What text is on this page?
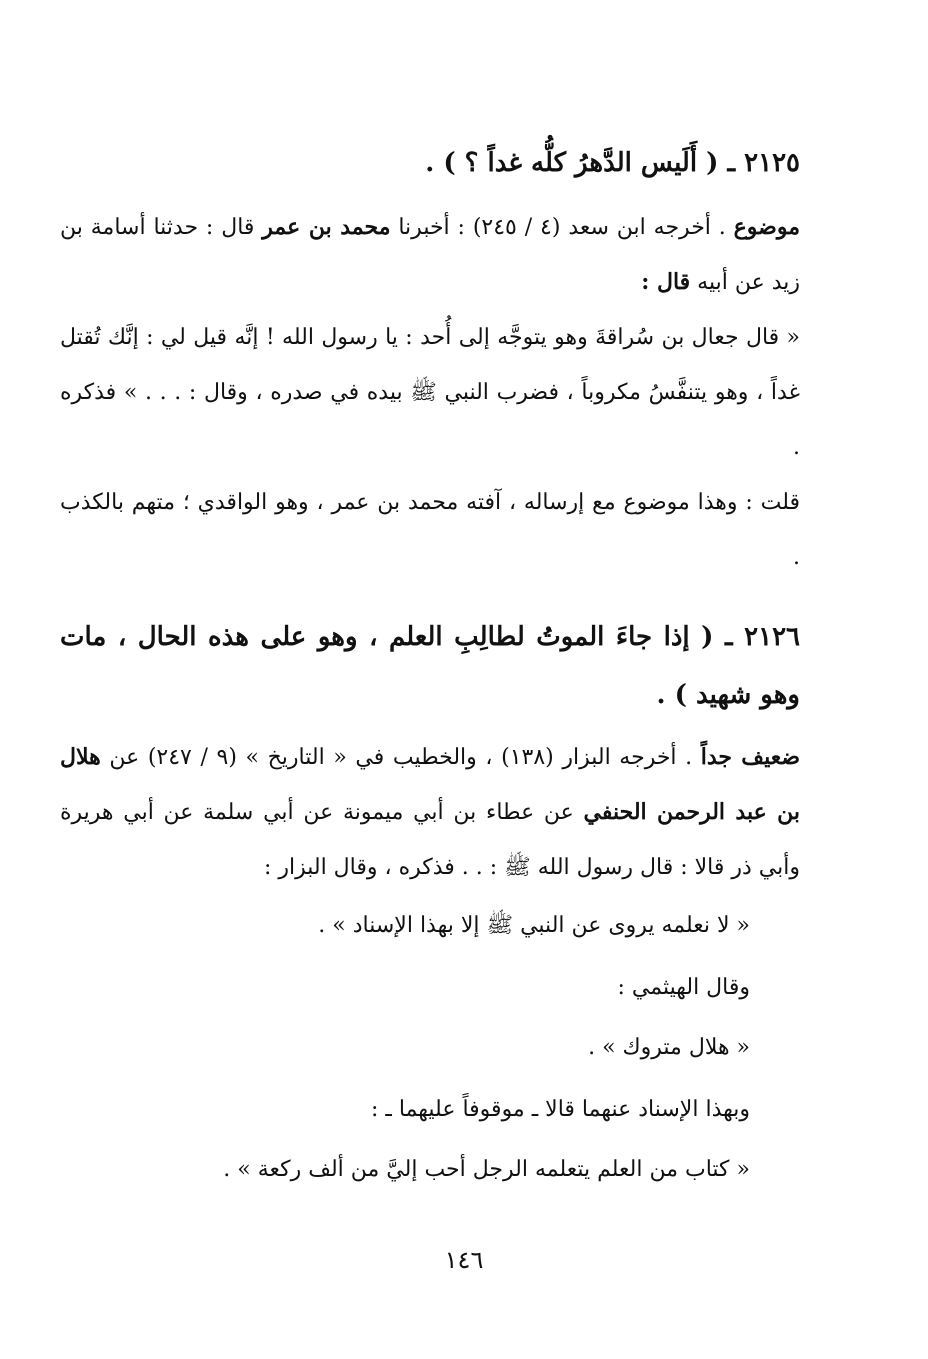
٢١٢٥ ـ ( أَلَيس الدَّهرُ كلُّه غداً ؟ ) .

موضوع . أخرجه ابن سعد (٤ / ٢٤٥) : أخبرنا محمد بن عمر قال : حدثنا أسامة بن زيد عن أبيه قال :

« قال جعال بن سُراقةَ وهو يتوجَّه إلى أُحد : يا رسول الله ! إنَّه قيل لي : إنَّك تُقتل غداً ، وهو يتنفَّسُ مكروباً ، فضرب النبي ﷺ بيده في صدره ، وقال : . . . » فذكره .

قلت : وهذا موضوع مع إرساله ، آفته محمد بن عمر ، وهو الواقدي ؛ متهم بالكذب .

٢١٢٦ ـ ( إذا جاءَ الموتُ لطالِبِ العلم ، وهو على هذه الحال ، مات وهو شهيد ) .

ضعيف جداً . أخرجه البزار (١٣٨) ، والخطيب في « التاريخ » (٩ / ٢٤٧) عن هلال بن عبد الرحمن الحنفي عن عطاء بن أبي ميمونة عن أبي سلمة عن أبي هريرة وأبي ذر قالا : قال رسول الله ﷺ : . . فذكره ، وقال البزار :

« لا نعلمه يروى عن النبي ﷺ إلا بهذا الإسناد » .

وقال الهيثمي :

« هلال متروك » .

وبهذا الإسناد عنهما قالا ـ موقوفاً عليهما ـ :

« كتاب من العلم يتعلمه الرجل أحب إليَّ من ألف ركعة » .

١٤٦
